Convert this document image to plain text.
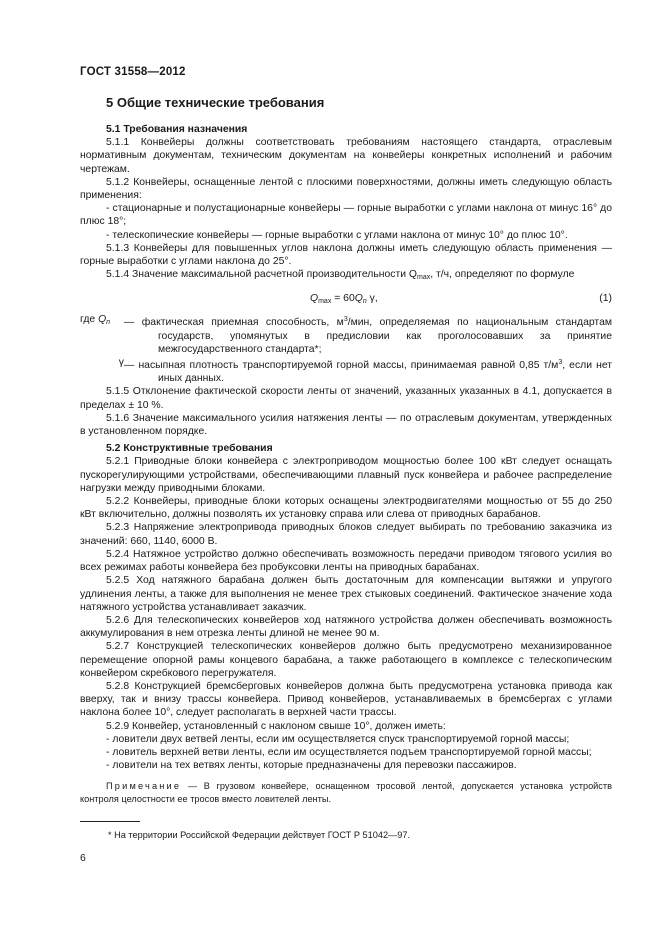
ГОСТ 31558—2012
5 Общие технические требования
5.1 Требования назначения

5.1.1 Конвейеры должны соответствовать требованиям настоящего стандарта, отраслевым нормативным документам, техническим документам на конвейеры конкретных исполнений и рабочим чертежам.

5.1.2 Конвейеры, оснащенные лентой с плоскими поверхностями, должны иметь следующую область применения:

- стационарные и полустационарные конвейеры — горные выработки с углами наклона от минус 16° до плюс 18°;

- телескопические конвейеры — горные выработки с углами наклона от минус 10° до плюс 10°.

5.1.3 Конвейеры для повышенных углов наклона должны иметь следующую область применения — горные выработки с углами наклона до 25°.

5.1.4 Значение максимальной расчетной производительности $Q_{max}$, т/ч, определяют по формуле

$Q_{max} = 60Q_n$ γ,	(1)
где $Q_n$	— фактическая приемная способность, $м^3$/мин, определяемая по национальным стандартам государств, упомянутых в предисловии как проголосовавших за принятие межгосударственного стандарта*;
γ — насыпная плотность транспортируемой горной массы, принимаемая равной 0,85 $т/м^3$, если нет иных данных.

5.1.5 Отклонение фактической скорости ленты от значений, указанных указанных в 4.1, допускается в пределах ± 10 %.

5.1.6 Значение максимального усилия натяжения ленты — по отраслевым документам, утвержденных в установленном порядке.

5.2 Конструктивные требования

5.2.1 Приводные блоки конвейера с электроприводом мощностью более 100 кВт следует оснащать пускорегулирующими устройствами, обеспечивающими плавный пуск конвейера и рабочее распределение нагрузки между приводными блоками.

5.2.2 Конвейеры, приводные блоки которых оснащены электродвигателями мощностью от 55 до 250 кВт включительно, должны позволять их установку справа или слева от приводных барабанов.

5.2.3 Напряжение электропривода приводных блоков следует выбирать по требованию заказчика из значений: 660, 1140, 6000 В.

5.2.4 Натяжное устройство должно обеспечивать возможность передачи приводом тягового усилия во всех режимах работы конвейера без пробуксовки ленты на приводных барабанах.

5.2.5 Ход натяжного барабана должен быть достаточным для компенсации вытяжки и упругого удлинения ленты, а также для выполнения не менее трех стыковых соединений. Фактическое значение хода натяжного устройства устанавливает заказчик.

5.2.6 Для телескопических конвейеров ход натяжного устройства должен обеспечивать возможность аккумулирования в нем отрезка ленты длиной не менее 90 м.

5.2.7 Конструкцией телескопических конвейеров должно быть предусмотрено механизированное перемещение опорной рамы концевого барабана, а также работающего в комплексе с телескопическим конвейером скребкового перегружателя.

5.2.8 Конструкцией бремсберговых конвейеров должна быть предусмотрена установка привода как вверху, так и внизу трассы конвейера. Привод конвейеров, устанавливаемых в бремсбергах с углами наклона более 10°, следует располагать в верхней части трассы.

5.2.9 Конвейер, установленный с наклоном свыше 10°, должен иметь:

- ловители двух ветвей ленты, если им осуществляется спуск транспортируемой горной массы;

- ловитель верхней ветви ленты, если им осуществляется подъем транспортируемой горной массы;

- ловители на тех ветвях ленты, которые предназначены для перевозки пассажиров.

Примечание — В грузовом конвейере, оснащенном тросовой лентой, допускается установка устройств контроля целостности ее тросов вместо ловителей ленты.

* На территории Российской Федерации действует ГОСТ Р 51042—97.
6
